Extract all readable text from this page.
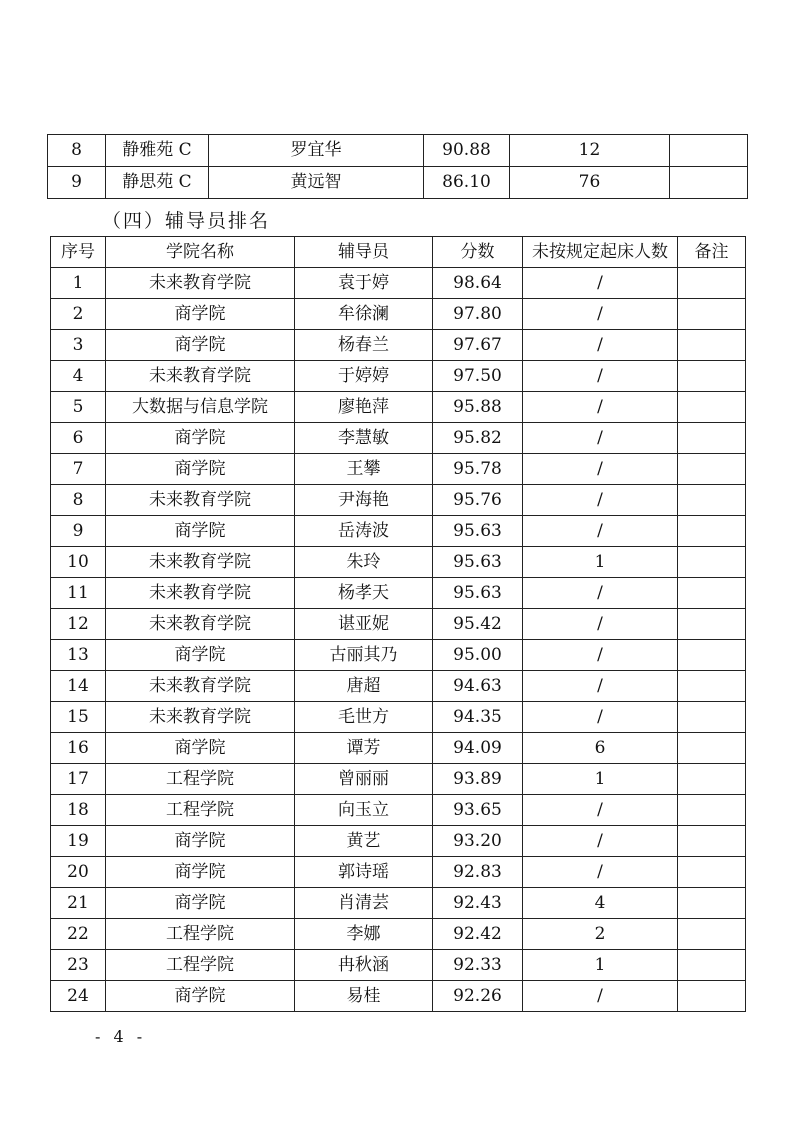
8	静雅苑 C	罗宜华	90.88	12	
9	静思苑 C	黄远智	86.10	76	
（四）辅导员排名
序号	学院名称	辅导员	分数	未按规定起床人数	备注
1	未来教育学院	袁于婷	98.64	/	
2	商学院	牟徐澜	97.80	/	
3	商学院	杨春兰	97.67	/	
4	未来教育学院	于婷婷	97.50	/	
5	大数据与信息学院	廖艳萍	95.88	/	
6	商学院	李慧敏	95.82	/	
7	商学院	王攀	95.78	/	
8	未来教育学院	尹海艳	95.76	/	
9	商学院	岳涛波	95.63	/	
10	未来教育学院	朱玲	95.63	1	
11	未来教育学院	杨孝天	95.63	/	
12	未来教育学院	谌亚妮	95.42	/	
13	商学院	古丽其乃	95.00	/	
14	未来教育学院	唐超	94.63	/	
15	未来教育学院	毛世方	94.35	/	
16	商学院	谭芳	94.09	6	
17	工程学院	曾丽丽	93.89	1	
18	工程学院	向玉立	93.65	/	
19	商学院	黄艺	93.20	/	
20	商学院	郭诗瑶	92.83	/	
21	商学院	肖清芸	92.43	4	
22	工程学院	李娜	92.42	2	
23	工程学院	冉秋涵	92.33	1	
24	商学院	易桂	92.26	/	
- 4 -
